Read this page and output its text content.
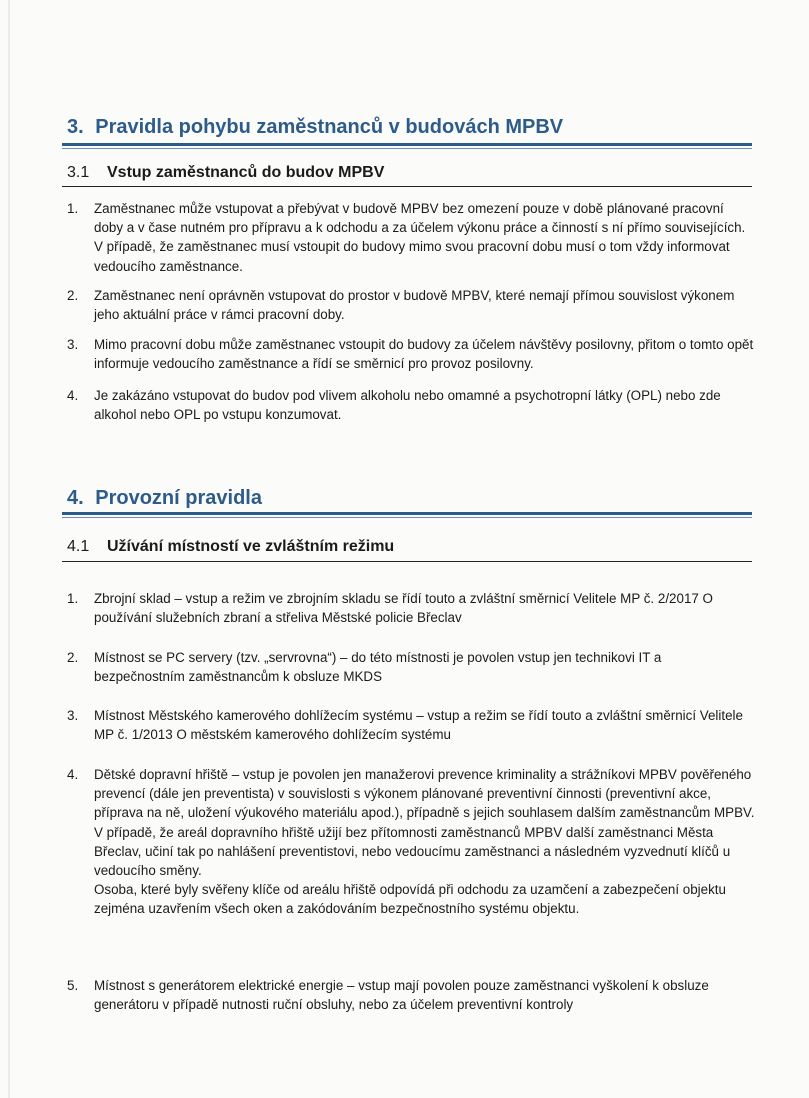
3. Pravidla pohybu zaměstnanců v budovách MPBV
3.1 Vstup zaměstnanců do budov MPBV
1.	Zaměstnanec může vstupovat a přebývat v budově MPBV bez omezení pouze v době plánované pracovní doby a v čase nutném pro přípravu a k odchodu a za účelem výkonu práce a činností s ní přímo souvisejících. V případě, že zaměstnanec musí vstoupit do budovy mimo svou pracovní dobu musí o tom vždy informovat vedoucího zaměstnance.
2.	Zaměstnanec není oprávněn vstupovat do prostor v budově MPBV, které nemají přímou souvislost výkonem jeho aktuální práce v rámci pracovní doby.
3.	Mimo pracovní dobu může zaměstnanec vstoupit do budovy za účelem návštěvy posilovny, přitom o tomto opět informuje vedoucího zaměstnance a řídí se směrnicí pro provoz posilovny.
4.	Je zakázáno vstupovat do budov pod vlivem alkoholu nebo omamné a psychotropní látky (OPL) nebo zde alkohol nebo OPL po vstupu konzumovat.
4. Provozní pravidla
4.1 Užívání místností ve zvláštním režimu
1.	Zbrojní sklad – vstup a režim ve zbrojním skladu se řídí touto a zvláštní směrnicí Velitele MP č. 2/2017 O používání služebních zbraní a střeliva Městské policie Břeclav
2.	Místnost se PC servery (tzv. „servrovna“) – do této místnosti je povolen vstup jen technikovi IT a bezpečnostním zaměstnancům k obsluze MKDS
3.	Místnost Městského kamerového dohlížecím systému – vstup a režim se řídí touto a zvláštní směrnicí Velitele MP č. 1/2013 O městském kamerového dohlížecím systému
4.	Dětské dopravní hřiště – vstup je povolen jen manažerovi prevence kriminality a strážníkovi MPBV pověřeného prevencí (dále jen preventista) v souvislosti s výkonem plánované preventivní činnosti (preventivní akce, příprava na ně, uložení výukového materiálu apod.), případně s jejich souhlasem dalším zaměstnancům MPBV.

V případě, že areál dopravního hřiště užijí bez přítomnosti zaměstnanců MPBV další zaměstnanci Města Břeclav, učiní tak po nahlášení preventistovi, nebo vedoucímu zaměstnanci a následném vyzvednutí klíčů u vedoucího směny.

Osoba, které byly svěřeny klíče od areálu hřiště odpovídá při odchodu za uzamčení a zabezpečení objektu zejména uzavřením všech oken a zakódováním bezpečnostního systému objektu.

5.	Místnost s generátorem elektrické energie – vstup mají povolen pouze zaměstnanci vyškolení k obsluze generátoru v případě nutnosti ruční obsluhy, nebo za účelem preventivní kontroly
